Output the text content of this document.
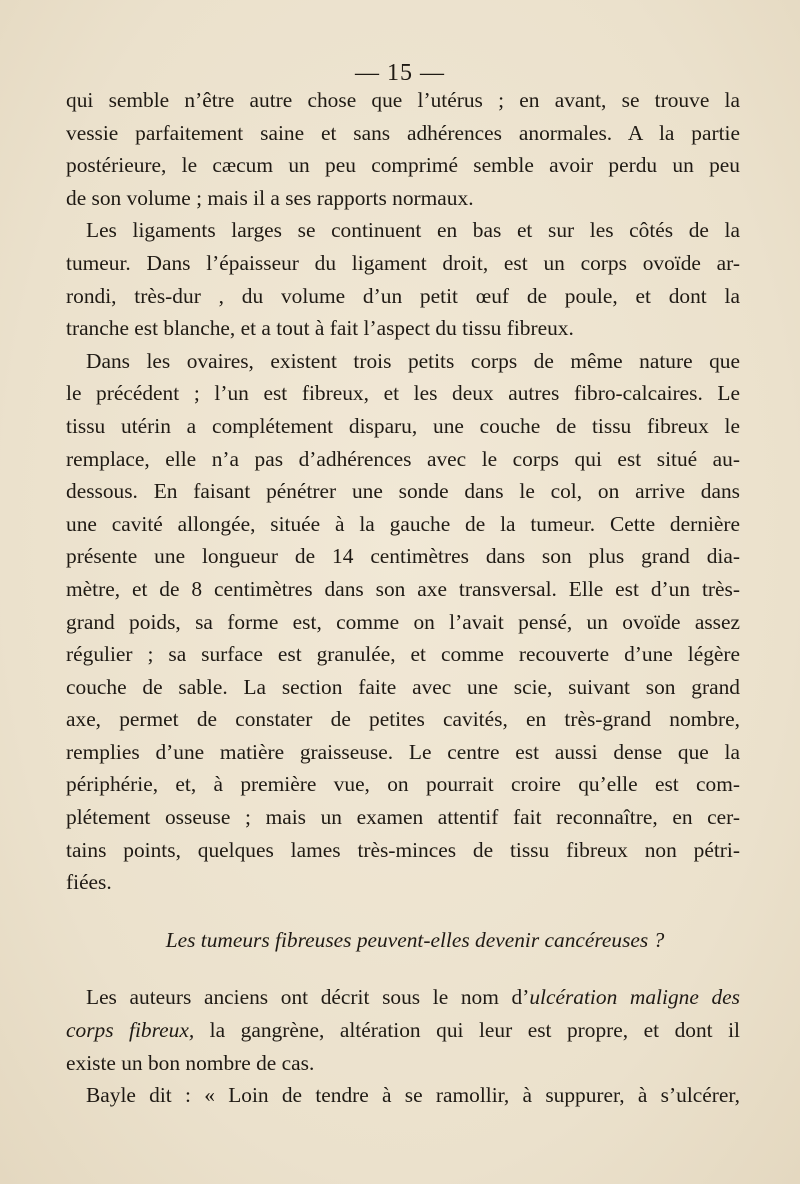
— 15 —

qui semble n’être autre chose que l’utérus ; en avant, se trouve la
vessie parfaitement saine et sans adhérences anormales. A la partie
postérieure, le cæcum un peu comprimé semble avoir perdu un peu
de son volume ; mais il a ses rapports normaux.

Les ligaments larges se continuent en bas et sur les côtés de la
tumeur. Dans l’épaisseur du ligament droit, est un corps ovoïde ar-
rondi, très-dur , du volume d’un petit œuf de poule, et dont la
tranche est blanche, et a tout à fait l’aspect du tissu fibreux.

Dans les ovaires, existent trois petits corps de même nature que
le précédent ; l’un est fibreux, et les deux autres fibro-calcaires. Le
tissu utérin a complétement disparu, une couche de tissu fibreux le
remplace, elle n’a pas d’adhérences avec le corps qui est situé au-
dessous. En faisant pénétrer une sonde dans le col, on arrive dans
une cavité allongée, située à la gauche de la tumeur. Cette dernière
présente une longueur de 14 centimètres dans son plus grand dia-
mètre, et de 8 centimètres dans son axe transversal. Elle est d’un très-
grand poids, sa forme est, comme on l’avait pensé, un ovoïde assez
régulier ; sa surface est granulée, et comme recouverte d’une légère
couche de sable. La section faite avec une scie, suivant son grand
axe, permet de constater de petites cavités, en très-grand nombre,
remplies d’une matière graisseuse. Le centre est aussi dense que la
périphérie, et, à première vue, on pourrait croire qu’elle est com-
plétement osseuse ; mais un examen attentif fait reconnaître, en cer-
tains points, quelques lames très-minces de tissu fibreux non pétri-
fiées.

Les tumeurs fibreuses peuvent-elles devenir cancéreuses ?

Les auteurs anciens ont décrit sous le nom d’ulcération maligne des
corps fibreux, la gangrène, altération qui leur est propre, et dont il
existe un bon nombre de cas.

Bayle dit : « Loin de tendre à se ramollir, à suppurer, à s’ulcérer,
